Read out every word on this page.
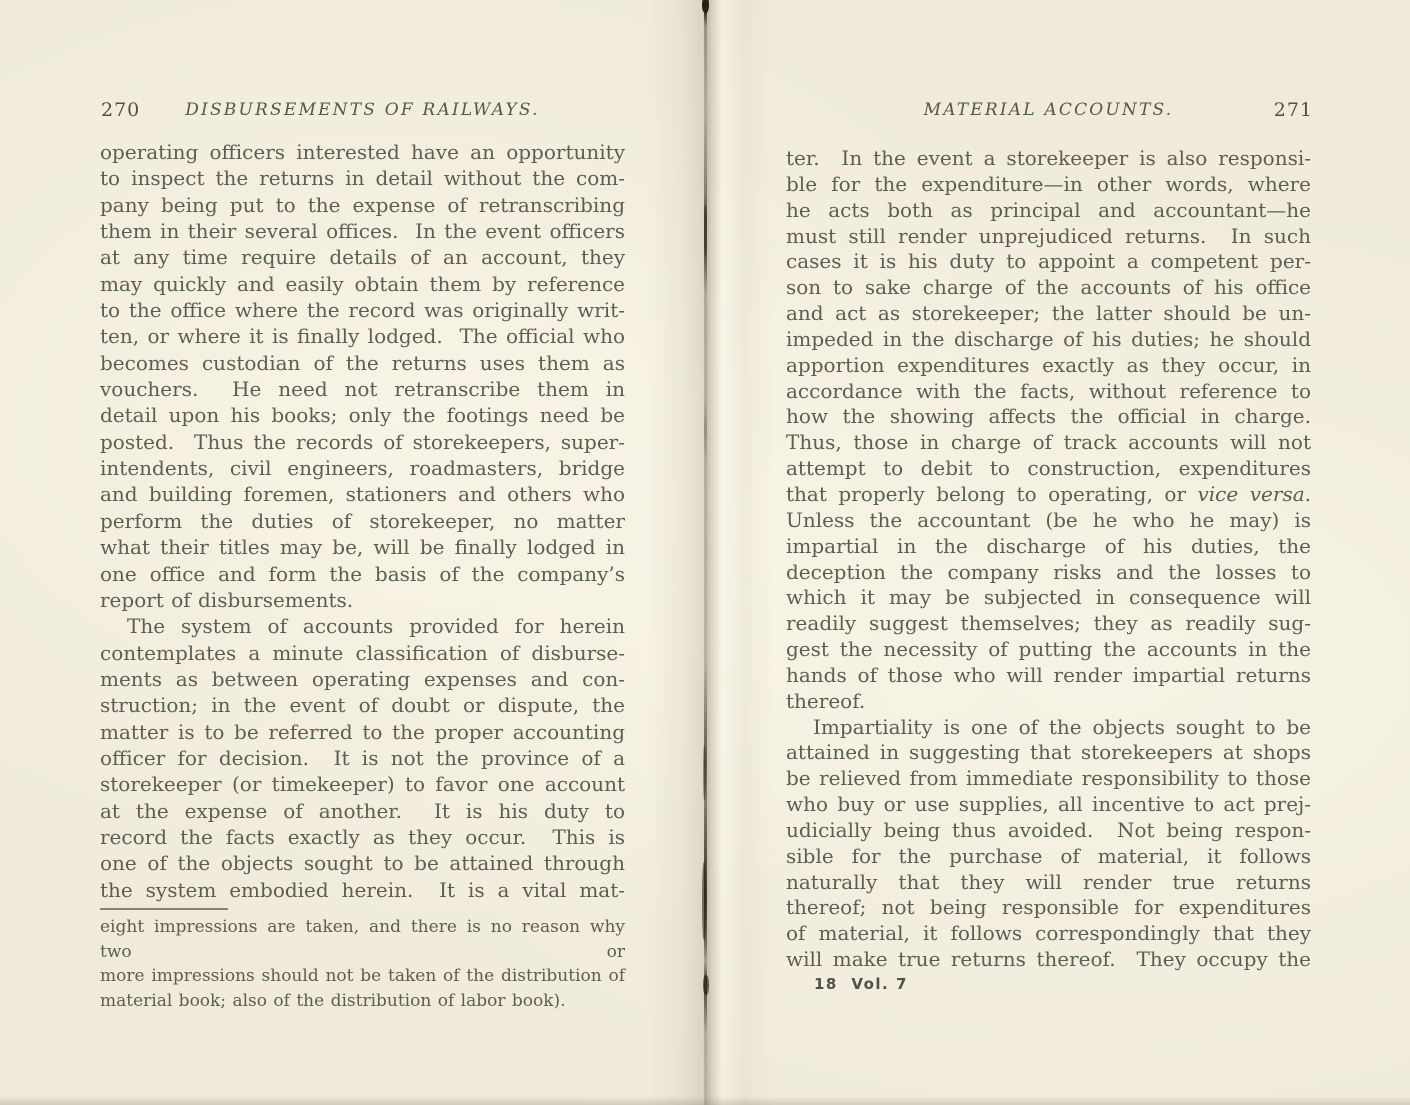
270	DISBURSEMENTS OF RAILWAYS.
operating officers interested have an opportunity
to inspect the returns in detail without the com-
pany being put to the expense of retranscribing
them in their several offices.  In the event officers
at any time require details of an account, they
may quickly and easily obtain them by reference
to the office where the record was originally writ-
ten, or where it is finally lodged.  The official who
becomes custodian of the returns uses them as
vouchers.  He need not retranscribe them in
detail upon his books; only the footings need be
posted.  Thus the records of storekeepers, super-
intendents, civil engineers, roadmasters, bridge
and building foremen, stationers and others who
perform the duties of storekeeper, no matter
what their titles may be, will be finally lodged in
one office and form the basis of the company’s
report of disbursements.
The system of accounts provided for herein
contemplates a minute classification of disburse-
ments as between operating expenses and con-
struction; in the event of doubt or dispute, the
matter is to be referred to the proper accounting
officer for decision.  It is not the province of a
storekeeper (or timekeeper) to favor one account
at the expense of another.  It is his duty to
record the facts exactly as they occur.  This is
one of the objects sought to be attained through
the system embodied herein.  It is a vital mat-
eight impressions are taken, and there is no reason why two or
more impressions should not be taken of the distribution of
material book; also of the distribution of labor book).
MATERIAL ACCOUNTS.	271
ter.  In the event a storekeeper is also responsi-
ble for the expenditure—in other words, where
he acts both as principal and accountant—he
must still render unprejudiced returns.  In such
cases it is his duty to appoint a competent per-
son to sake charge of the accounts of his office
and act as storekeeper; the latter should be un-
impeded in the discharge of his duties; he should
apportion expenditures exactly as they occur, in
accordance with the facts, without reference to
how the showing affects the official in charge.
Thus, those in charge of track accounts will not
attempt to debit to construction, expenditures
that properly belong to operating, or vice versa.
Unless the accountant (be he who he may) is
impartial in the discharge of his duties, the
deception the company risks and the losses to
which it may be subjected in consequence will
readily suggest themselves; they as readily sug-
gest the necessity of putting the accounts in the
hands of those who will render impartial returns
thereof.
Impartiality is one of the objects sought to be
attained in suggesting that storekeepers at shops
be relieved from immediate responsibility to those
who buy or use supplies, all incentive to act prej-
udicially being thus avoided.  Not being respon-
sible for the purchase of material, it follows
naturally that they will render true returns
thereof; not being responsible for expenditures
of material, it follows correspondingly that they
will make true returns thereof.  They occupy the
18  Vol. 7
